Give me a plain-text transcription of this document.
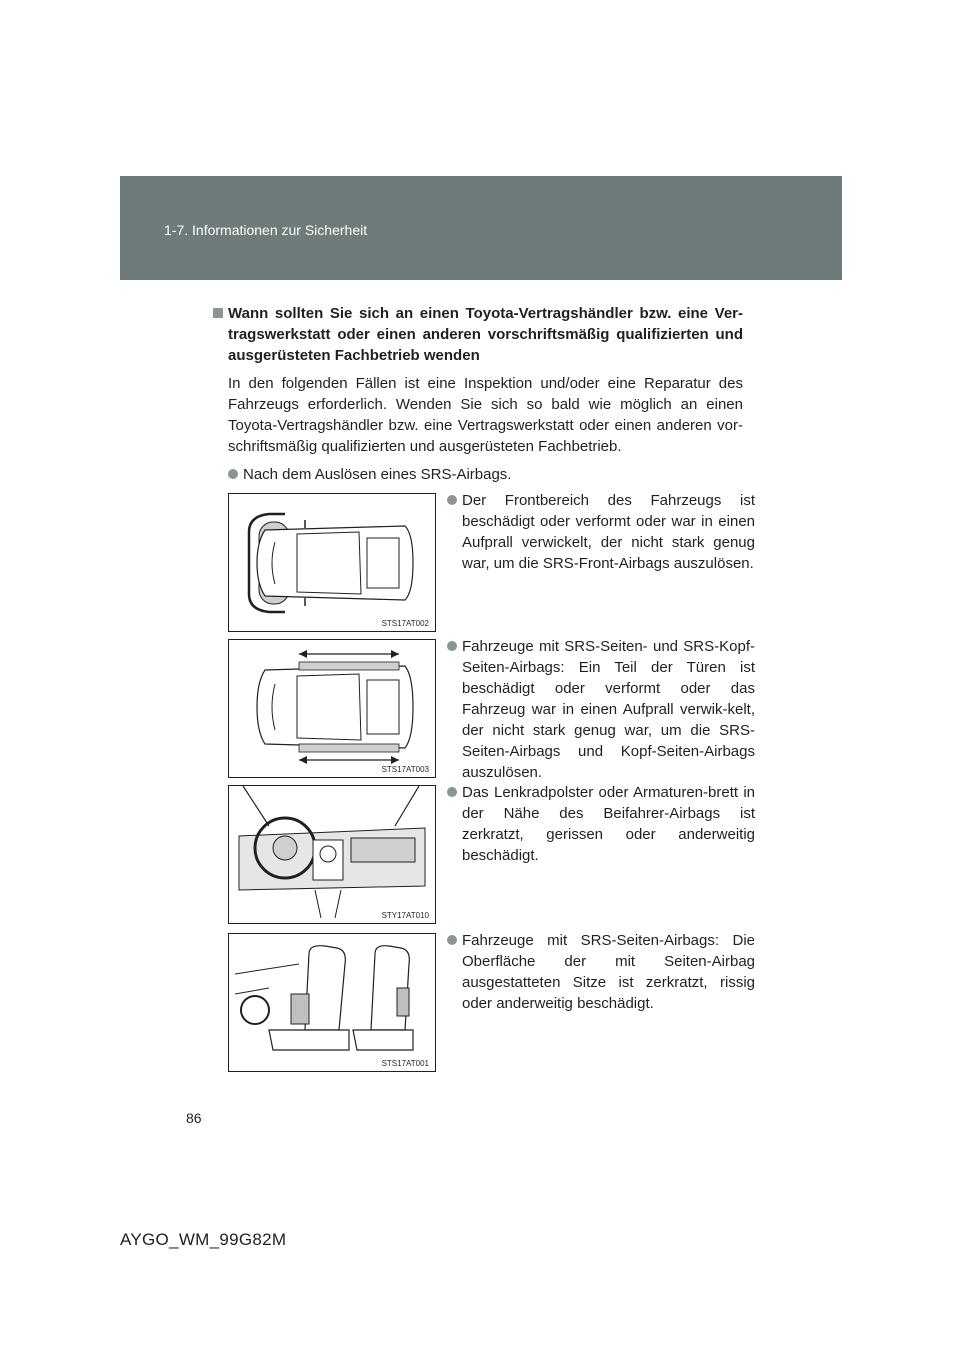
1-7. Informationen zur Sicherheit
Wann sollten Sie sich an einen Toyota-Vertragshändler bzw. eine Ver-tragswerkstatt oder einen anderen vorschriftsmäßig qualifizierten und ausgerüsteten Fachbetrieb wenden
In den folgenden Fällen ist eine Inspektion und/oder eine Reparatur des Fahrzeugs erforderlich. Wenden Sie sich so bald wie möglich an einen Toyota-Vertragshändler bzw. eine Vertragswerkstatt oder einen anderen vor-schriftsmäßig qualifizierten und ausgerüsteten Fachbetrieb.
Nach dem Auslösen eines SRS-Airbags.
STS17AT002
Der Frontbereich des Fahrzeugs ist beschädigt oder verformt oder war in einen Aufprall verwickelt, der nicht stark genug war, um die SRS-Front-Airbags auszulösen.
STS17AT003
Fahrzeuge mit SRS-Seiten- und SRS-Kopf-Seiten-Airbags: Ein Teil der Türen ist beschädigt oder verformt oder das Fahrzeug war in einen Aufprall verwik-kelt, der nicht stark genug war, um die SRS-Seiten-Airbags und Kopf-Seiten-Airbags auszulösen.
STY17AT010
Das Lenkradpolster oder Armaturen-brett in der Nähe des Beifahrer-Airbags ist zerkratzt, gerissen oder anderweitig beschädigt.
STS17AT001
Fahrzeuge mit SRS-Seiten-Airbags: Die Oberfläche der mit Seiten-Airbag ausgestatteten Sitze ist zerkratzt, rissig oder anderweitig beschädigt.
86
AYGO_WM_99G82M
